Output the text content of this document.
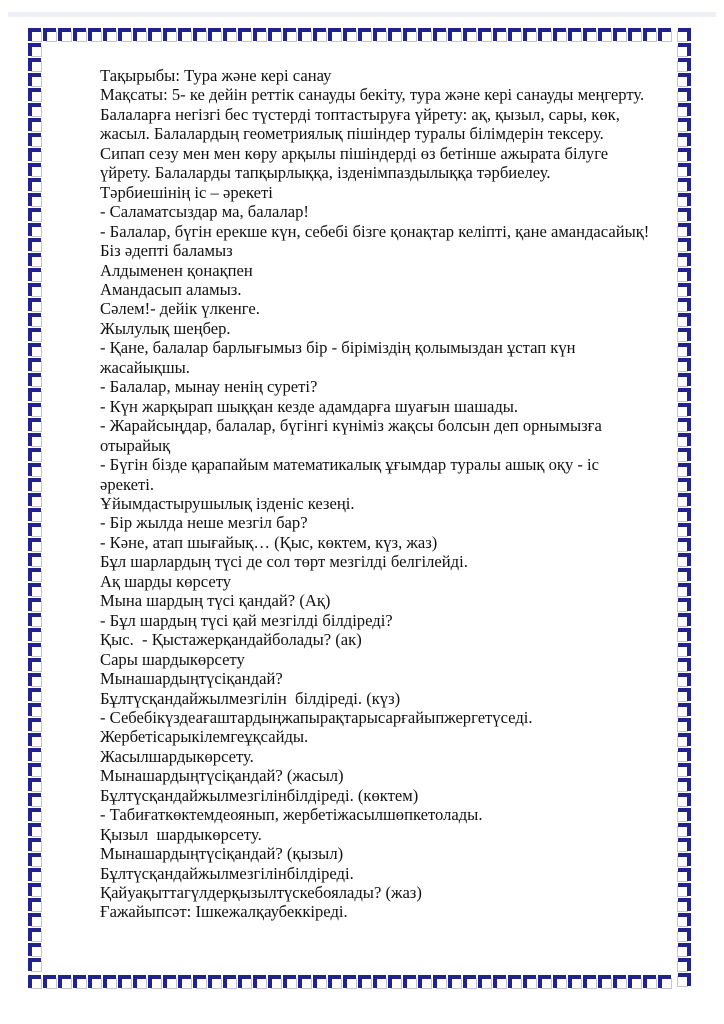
Тақырыбы: Тура және кері санау
Мақсаты: 5- ке дейін реттік санауды бекіту, тура және кері санауды меңгерту.
Балаларға негізгі бес түстерді топтастыруға үйрету: ақ, қызыл, сары, көк,
жасыл. Балалардың геометриялық пішіндер туралы білімдерін тексеру.
Сипап сезу мен мен көру арқылы пішіндерді өз бетінше ажырата білуге
үйрету. Балаларды тапқырлыққа, ізденімпаздылыққа тәрбиелеу.
Тәрбиешінің іс – әрекеті
- Саламатсыздар ма, балалар!
- Балалар, бүгін ерекше күн, себебі бізге қонақтар келіпті, қане амандасайық!
Біз әдепті баламыз
Алдыменен қонақпен
Амандасып аламыз.
Сәлем!- дейік үлкенге.
Жылулық шеңбер.
- Қане, балалар барлығымыз бір - біріміздің қолымыздан ұстап күн
жасайықшы.
- Балалар, мынау ненің суреті?
- Күн жарқырап шыққан кезде адамдарға шуағын шашады.
- Жарайсыңдар, балалар, бүгінгі күніміз жақсы болсын деп орнымызға
отырайық
- Бүгін бізде қарапайым математикалық ұғымдар туралы ашық оқу - іс
әрекеті.
Ұйымдастырушылық ізденіс кезеңі.
- Бір жылда неше мезгіл бар?
- Кәне, атап шығайық… (Қыс, көктем, күз, жаз)
Бұл шарлардың түсі де сол төрт мезгілді белгілейді.
Ақ шарды көрсету
Мына шардың түсі қандай? (Ақ)
- Бұл шардың түсі қай мезгілді білдіреді?
Қыс.  - Қыстажерқандайболады? (ак)
Сары шардыкөрсету
Мынашардыңтүсіқандай?
Бұлтүсқандайжылмезгілін  білдіреді. (күз)
- Себебікүздеағаштардыңжапырақтарысарғайыпжергетүседі.
Жербетісарыкілемгеұқсайды.
Жасылшардыкөрсету.
Мынашардыңтүсіқандай? (жасыл)
Бұлтүсқандайжылмезгілінбілдіреді. (көктем)
- Табиғаткөктемдеоянып, жербетіжасылшөпкетолады.
Қызыл  шардыкөрсету.
Мынашардыңтүсіқандай? (қызыл)
Бұлтүсқандайжылмезгілінбілдіреді.
Қайуақыттагүлдерқызылтүскебоялады? (жаз)
Ғажайыпсәт: Ішкежалқаубеккіреді.
